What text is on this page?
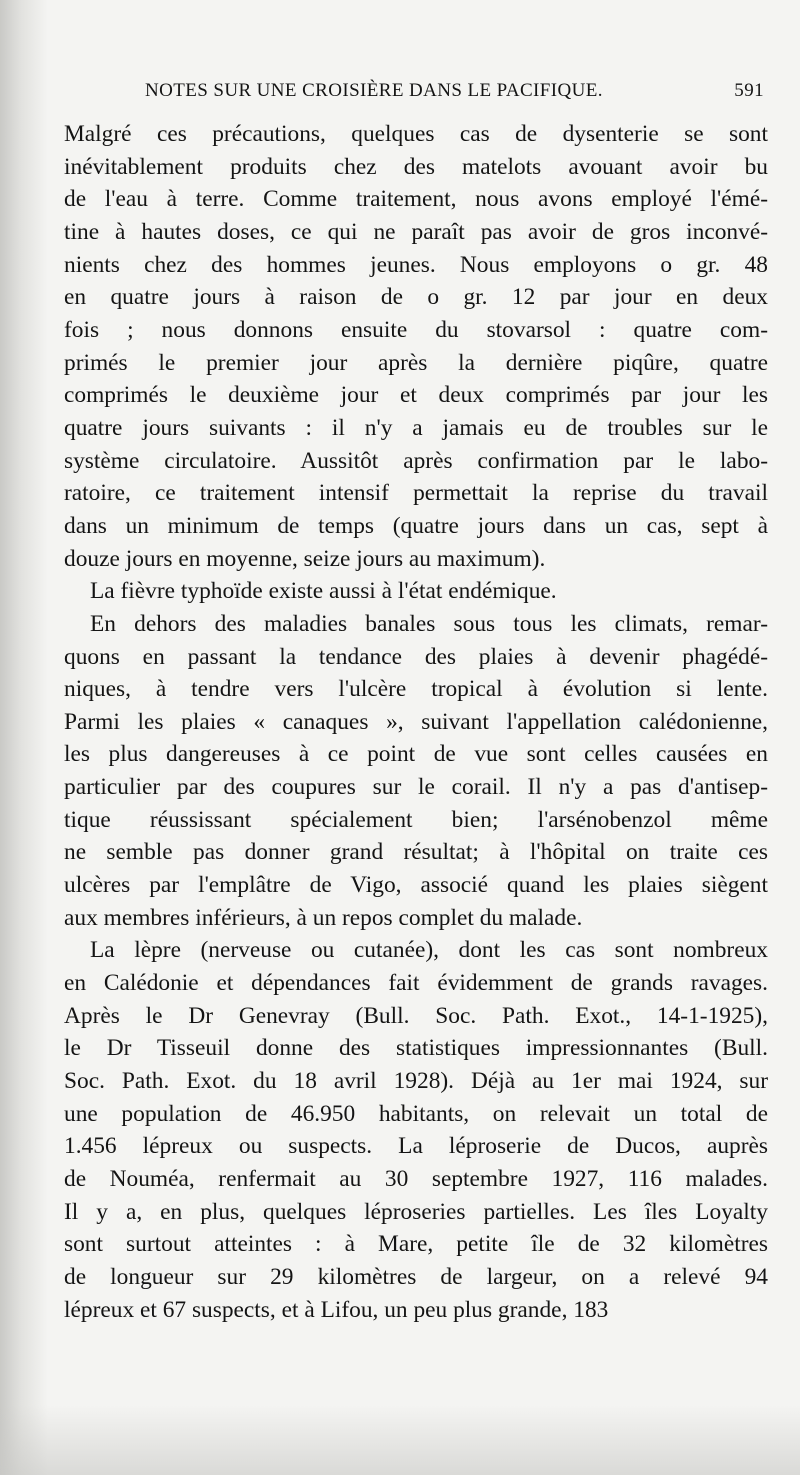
NOTES SUR UNE CROISIÈRE DANS LE PACIFIQUE.	591

Malgré ces précautions, quelques cas de dysenterie se sont
inévitablement produits chez des matelots avouant avoir bu
de l'eau à terre. Comme traitement, nous avons employé l'émé-
tine à hautes doses, ce qui ne paraît pas avoir de gros inconvé-
nients chez des hommes jeunes. Nous employons o gr. 48
en quatre jours à raison de o gr. 12 par jour en deux
fois ; nous donnons ensuite du stovarsol : quatre com-
primés le premier jour après la dernière piqûre, quatre
comprimés le deuxième jour et deux comprimés par jour les
quatre jours suivants : il n'y a jamais eu de troubles sur le
système circulatoire. Aussitôt après confirmation par le labo-
ratoire, ce traitement intensif permettait la reprise du travail
dans un minimum de temps (quatre jours dans un cas, sept à
douze jours en moyenne, seize jours au maximum).

La fièvre typhoïde existe aussi à l'état endémique.

En dehors des maladies banales sous tous les climats, remar-
quons en passant la tendance des plaies à devenir phagédé-
niques, à tendre vers l'ulcère tropical à évolution si lente.
Parmi les plaies « canaques », suivant l'appellation calédonienne,
les plus dangereuses à ce point de vue sont celles causées en
particulier par des coupures sur le corail. Il n'y a pas d'antisep-
tique réussissant spécialement bien; l'arsénobenzol même
ne semble pas donner grand résultat; à l'hôpital on traite ces
ulcères par l'emplâtre de Vigo, associé quand les plaies siègent
aux membres inférieurs, à un repos complet du malade.

La lèpre (nerveuse ou cutanée), dont les cas sont nombreux
en Calédonie et dépendances fait évidemment de grands ravages.
Après le Dr Genevray (Bull. Soc. Path. Exot., 14-1-1925),
le Dr Tisseuil donne des statistiques impressionnantes (Bull.
Soc. Path. Exot. du 18 avril 1928). Déjà au 1er mai 1924, sur
une population de 46.950 habitants, on relevait un total de
1.456 lépreux ou suspects. La léproserie de Ducos, auprès
de Nouméa, renfermait au 30 septembre 1927, 116 malades.
Il y a, en plus, quelques léproseries partielles. Les îles Loyalty
sont surtout atteintes : à Mare, petite île de 32 kilomètres
de longueur sur 29 kilomètres de largeur, on a relevé 94
lépreux et 67 suspects, et à Lifou, un peu plus grande, 183
